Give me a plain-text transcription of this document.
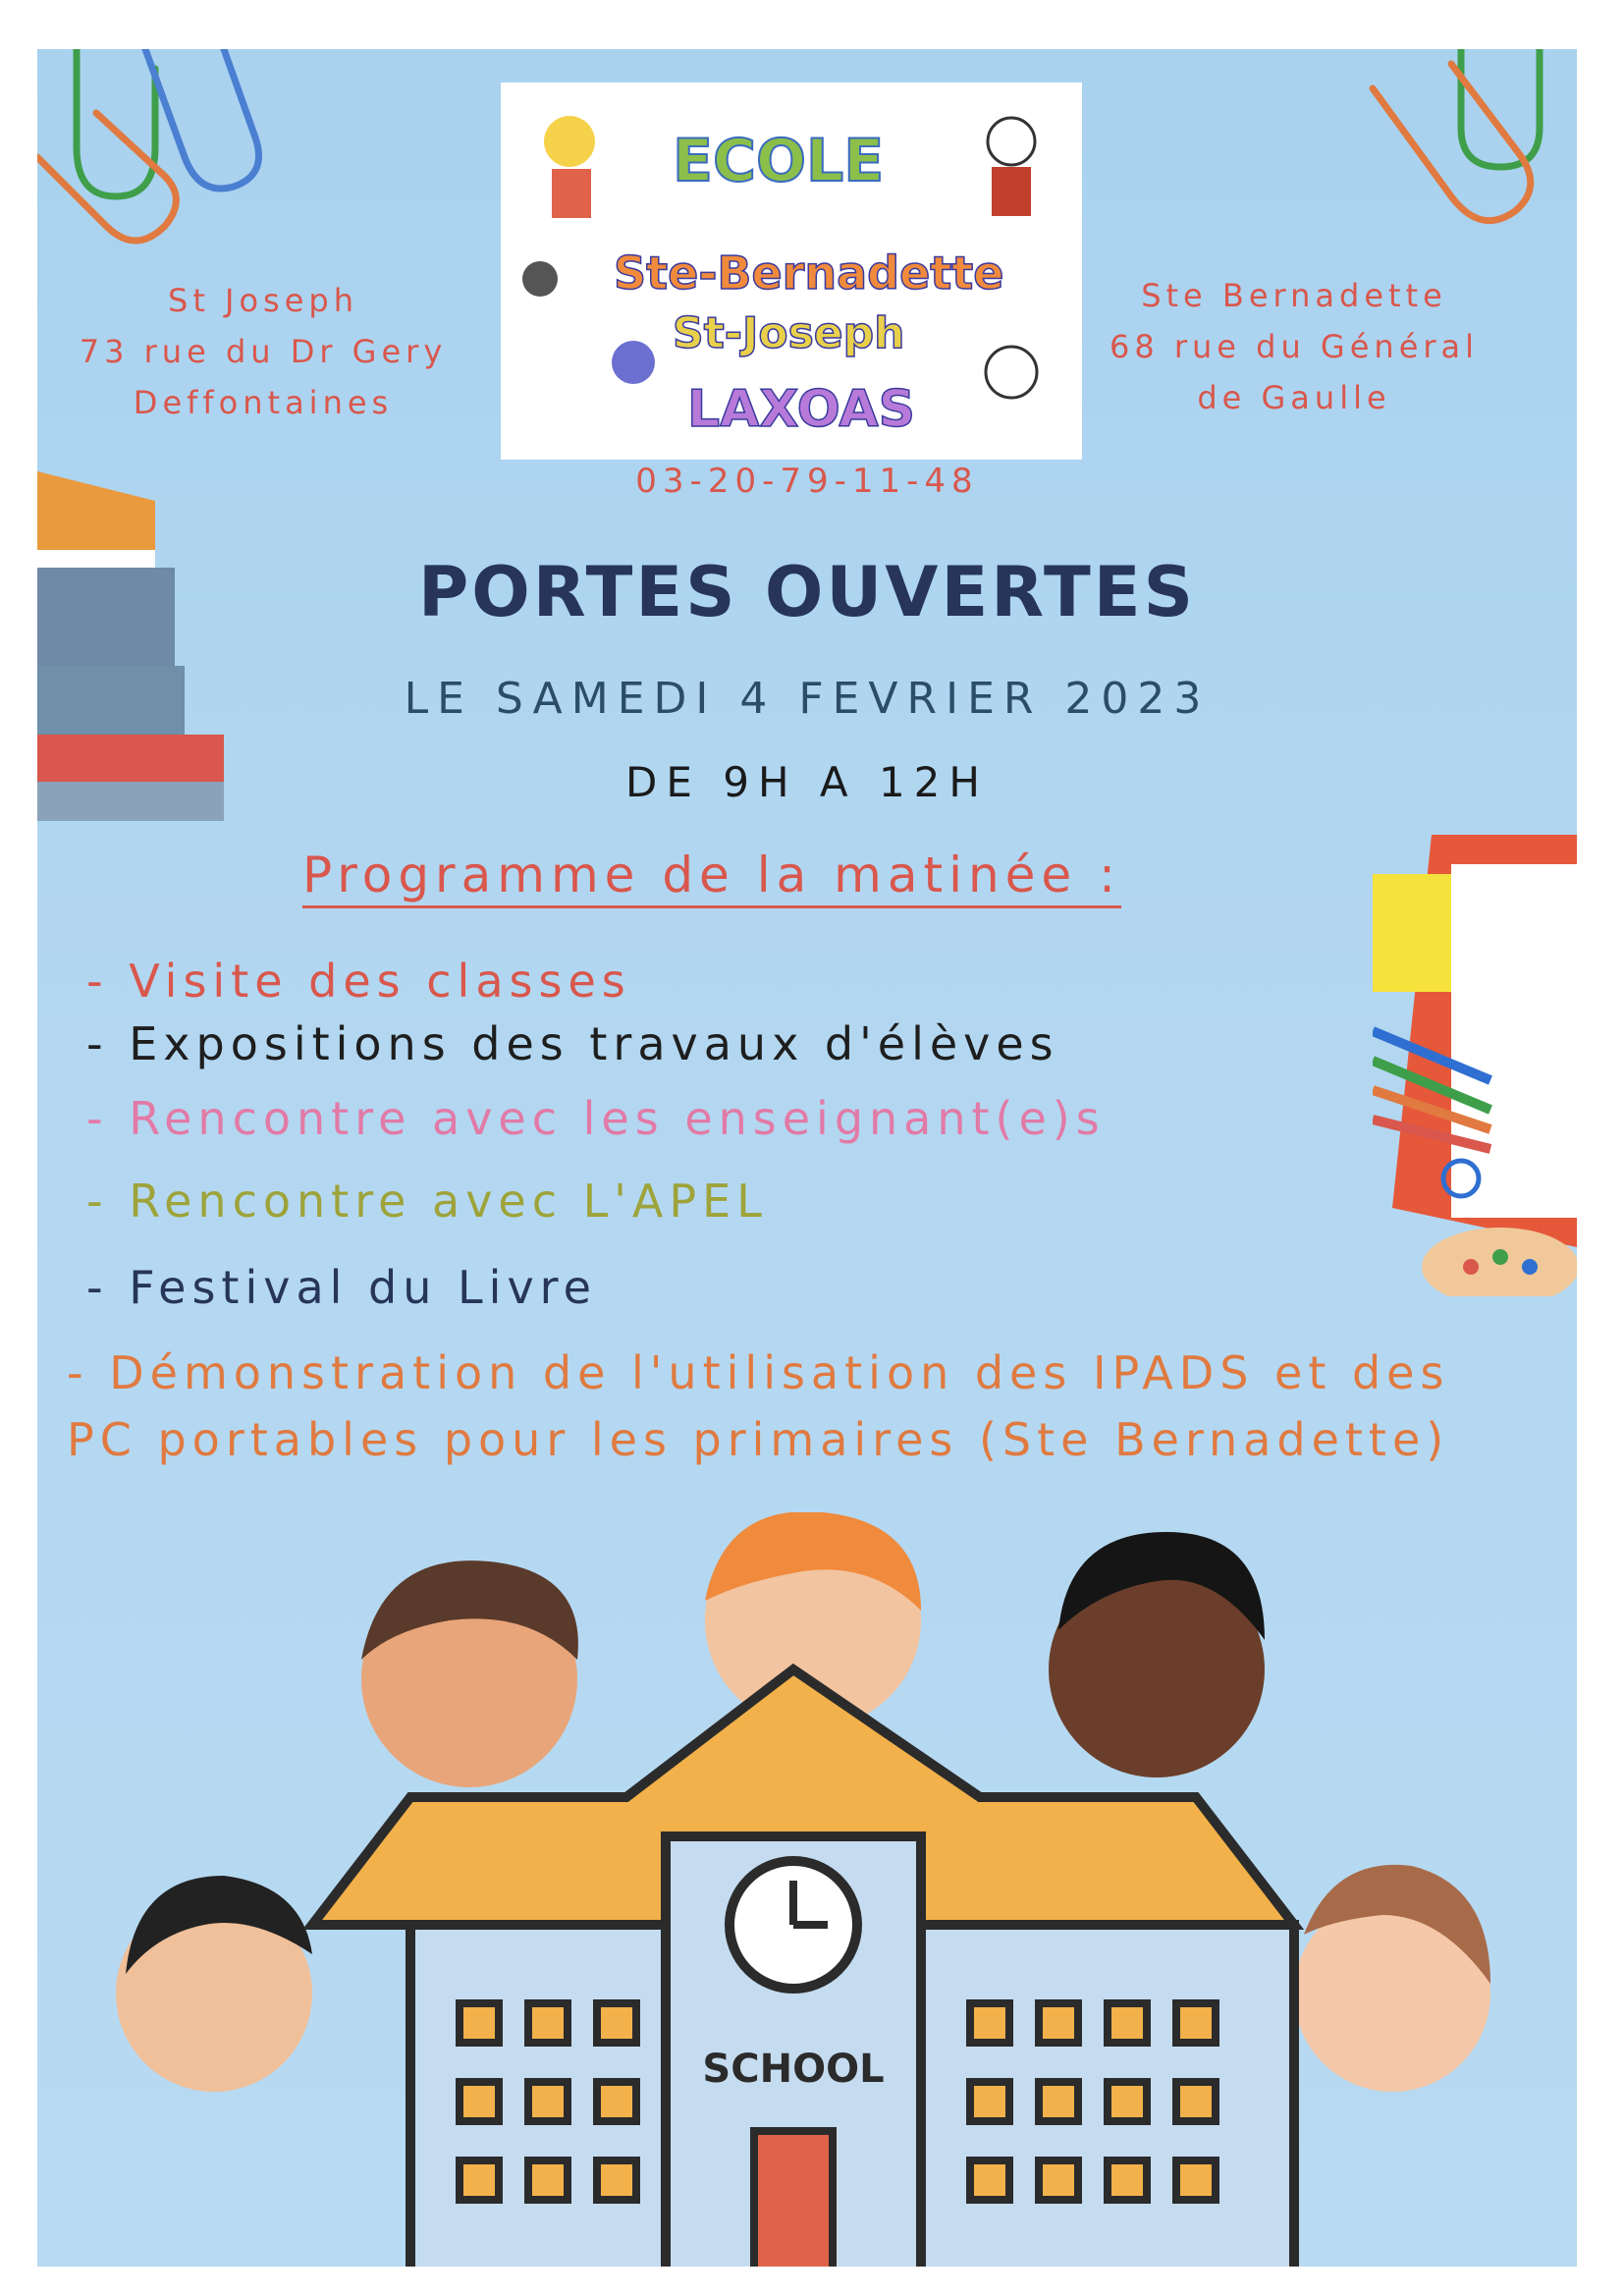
St Joseph
73 rue du Dr Gery
Deffontaines
ECOLE
Ste-Bernadette
St-Joseph
LAXOAS
Ste Bernadette
68 rue du Général
de Gaulle
03-20-79-11-48
PORTES OUVERTES
LE SAMEDI 4 FEVRIER 2023
DE 9H A 12H
Programme de la matinée :
- Visite des classes
- Expositions des travaux d'élèves
- Rencontre avec les enseignant(e)s
- Rencontre avec L'APEL
- Festival du Livre
- Démonstration de l'utilisation des IPADS et des PC portables pour les primaires (Ste Bernadette)
SCHOOL
